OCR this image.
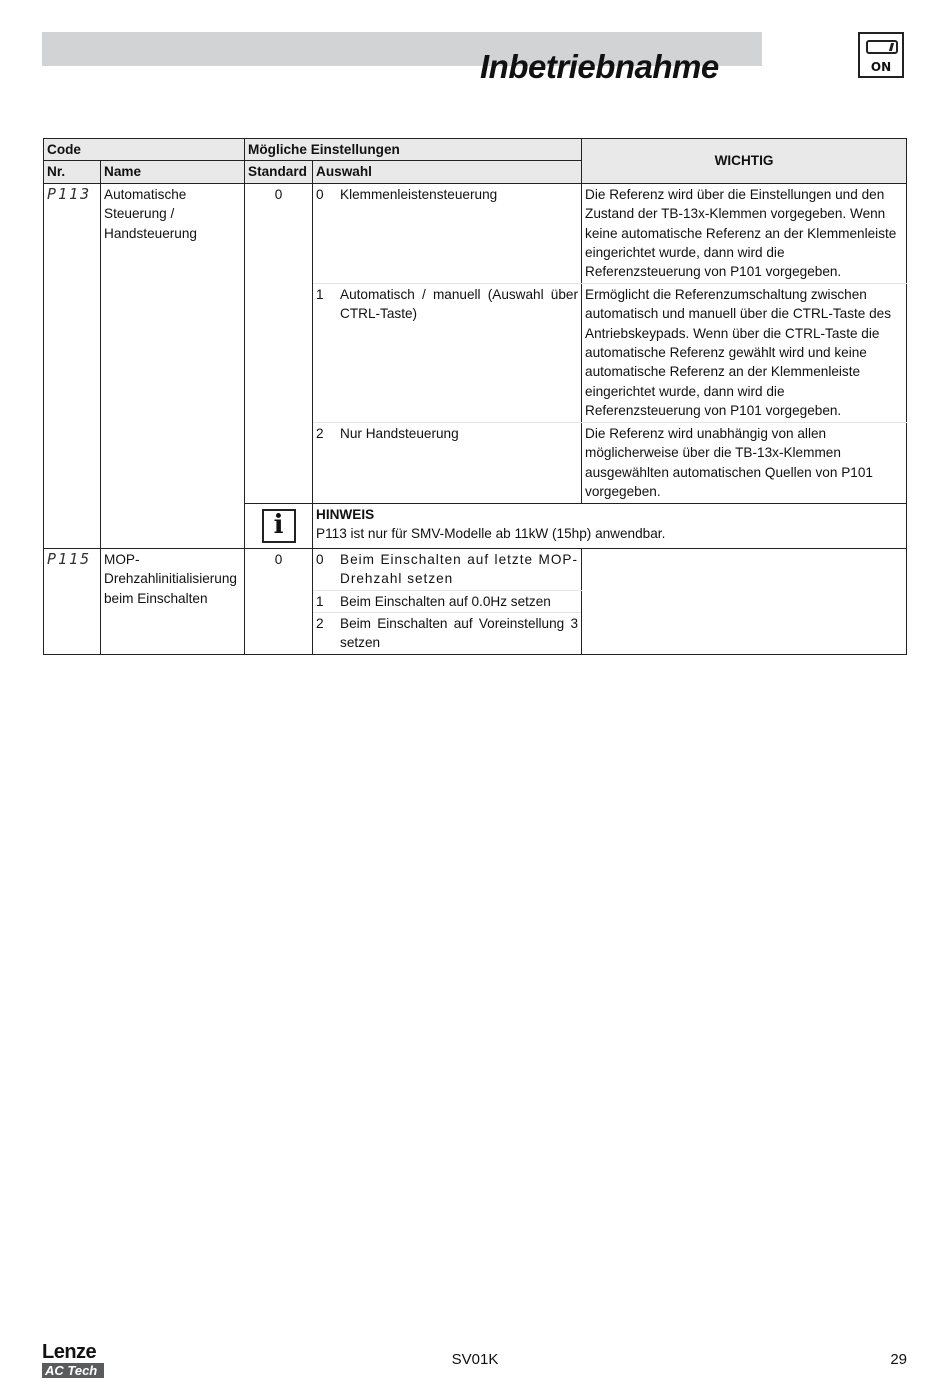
Inbetriebnahme	ON
Code		Mögliche Einstellungen		WICHTIG
Nr.	Name	Standard	Auswahl	
P113	Automatische Steuerung / Handsteuerung	0	0 Klemmenleistensteuerung	Die Referenz wird über die Einstellungen und den Zustand der TB-13x-Klemmen vorgegeben. Wenn keine automatische Referenz an der Klemmenleiste eingerichtet wurde, dann wird die Referenzsteuerung von P101 vorgegeben.

			1 Automatisch / manuell (Auswahl über CTRL-Taste)	Ermöglicht die Referenzumschaltung zwischen automatisch und manuell über die CTRL-Taste des Antriebskeypads. Wenn über die CTRL-Taste die automatische Referenz gewählt wird und keine automatische Referenz an der Klemmenleiste eingerichtet wurde, dann wird die Referenzsteuerung von P101 vorgegeben.

			2 Nur Handsteuerung	Die Referenz wird unabhängig von allen möglicherweise über die TB-13x-Klemmen ausgewählten automatischen Quellen von P101 vorgegeben.

i	HINWEIS
P113 ist nur für SMV-Modelle ab 11kW (15hp) anwendbar.	

P115	MOP-Drehzahlinitialisierung beim Einschalten	0	0 Beim Einschalten auf letzte MOP-Drehzahl setzen	

			1 Beim Einschalten auf 0.0Hz setzen	

			2 Beim Einschalten auf Voreinstellung 3 setzen	
Lenze
AC Tech
SV01K	29
